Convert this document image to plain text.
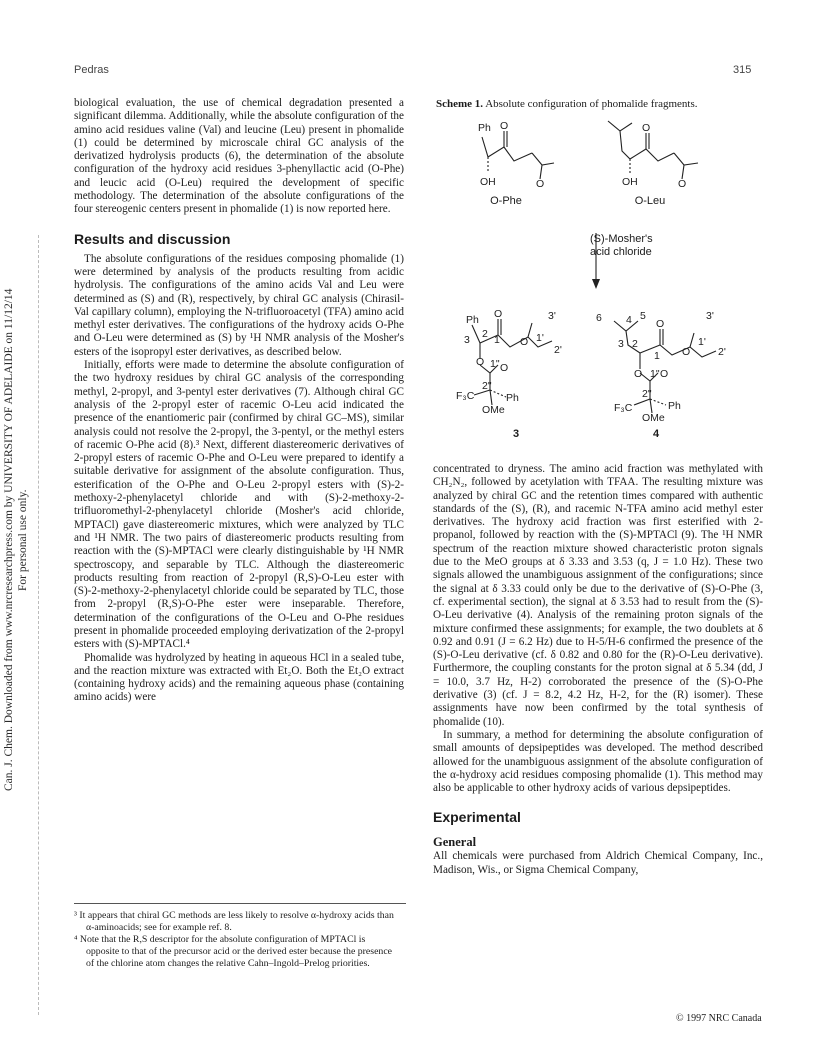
Pedras	315
Can. J. Chem. Downloaded from www.nrcresearchpress.com by UNIVERSITY OF ADELAIDE on 11/12/14 For personal use only.

biological evaluation, the use of chemical degradation presented a significant dilemma. Additionally, while the absolute configuration of the amino acid residues valine (Val) and leucine (Leu) present in phomalide (1) could be determined by microscale chiral GC analysis of the derivatized hydrolysis products (6), the determination of the absolute configuration of the hydroxy acid residues 3-phenyllactic acid (O-Phe) and leucic acid (O-Leu) required the development of specific methodology. The determination of the absolute configurations of the four stereogenic centers present in phomalide (1) is now reported here.

Results and discussion

The absolute configurations of the residues composing phomalide (1) were determined by analysis of the products resulting from acidic hydrolysis. The configurations of the amino acids Val and Leu were determined as (S) and (R), respectively, by chiral GC analysis (Chirasil-Val capillary column), employing the N-trifluoroacetyl (TFA) amino acid methyl ester derivatives. The configurations of the hydroxy acids O-Phe and O-Leu were determined as (S) by ¹H NMR analysis of the Mosher's esters of the isopropyl ester derivatives, as described below.

Initially, efforts were made to determine the absolute configuration of the two hydroxy residues by chiral GC analysis of the corresponding methyl, 2-propyl, and 3-pentyl ester derivatives (7). Although chiral GC analysis of the 2-propyl ester of racemic O-Leu acid indicated the presence of the enantiomeric pair (confirmed by chiral GC–MS), similar analysis could not resolve the 2-propyl, the 3-pentyl, or the methyl esters of racemic O-Phe acid (8).³ Next, different diastereomeric derivatives of 2-propyl esters of racemic O-Phe and O-Leu were prepared to identify a suitable derivative for assignment of the absolute configuration. Thus, esterification of the O-Phe and O-Leu 2-propyl esters with (S)-2-methoxy-2-phenylacetyl chloride and with (S)-2-methoxy-2-trifluoromethyl-2-phenylacetyl chloride (Mosher's acid chloride, MPTACl) gave diastereomeric mixtures, which were analyzed by TLC and ¹H NMR. The two pairs of diastereomeric products resulting from reaction with the (S)-MPTACl were clearly distinguishable by ¹H NMR spectroscopy, and separable by TLC. Although the diastereomeric products resulting from reaction of 2-propyl (R,S)-O-Leu ester with (S)-2-methoxy-2-phenylacetyl chloride could be separated by TLC, those from 2-propyl (R,S)-O-Phe ester were inseparable. Therefore, determination of the configurations of the O-Leu and O-Phe residues present in phomalide proceeded employing derivatization of the 2-propyl esters with (S)-MPTACl.⁴

Phomalide was hydrolyzed by heating in aqueous HCl in a sealed tube, and the reaction mixture was extracted with Et₂O. Both the Et₂O extract (containing hydroxy acids) and the remaining aqueous phase (containing amino acids) were

³ It appears that chiral GC methods are less likely to resolve α-hydroxy acids than α-aminoacids; see for example ref. 8.

⁴ Note that the R,S descriptor for the absolute configuration of MPTACl is opposite to that of the precursor acid or the derived ester because the presence of the chlorine atom changes the relative Cahn–Ingold–Prelog priorities.

Scheme 1. Absolute configuration of phomalide fragments.
Ph O
O
OH
O
O
OH
Ph O
3 1
2
3'
1'
2'
O
O 1" O
2"
F₃C	Ph
OMe
6 4 5
O
3'
1'
2'
3 2
1 O
O 1" O
2"
F₃C	Ph
OMe
O-Phe	O-Leu
(S)-Mosher's
acid chloride
3	4

concentrated to dryness. The amino acid fraction was methylated with CH₂N₂, followed by acetylation with TFAA. The resulting mixture was analyzed by chiral GC and the retention times compared with authentic standards of the (S), (R), and racemic N-TFA amino acid methyl ester derivatives. The hydroxy acid fraction was first esterified with 2-propanol, followed by reaction with the (S)-MPTACl (9). The ¹H NMR spectrum of the reaction mixture showed characteristic proton signals due to the MeO groups at δ 3.33 and 3.53 (q, J = 1.0 Hz). These two signals allowed the unambiguous assignment of the configurations; since the signal at δ 3.33 could only be due to the derivative of (S)-O-Phe (3, cf. experimental section), the signal at δ 3.53 had to result from the (S)-O-Leu derivative (4). Analysis of the remaining proton signals of the mixture confirmed these assignments; for example, the two doublets at δ 0.92 and 0.91 (J = 6.2 Hz) due to H-5/H-6 confirmed the presence of the (S)-O-Leu derivative (cf. δ 0.82 and 0.80 for the (R)-O-Leu derivative). Furthermore, the coupling constants for the proton signal at δ 5.34 (dd, J = 10.0, 3.7 Hz, H-2) corroborated the presence of the (S)-O-Phe derivative (3) (cf. J = 8.2, 4.2 Hz, H-2, for the (R) isomer). These assignments have now been confirmed by the total synthesis of phomalide (10).

In summary, a method for determining the absolute configuration of small amounts of depsipeptides was developed. The method described allowed for the unambiguous assignment of the absolute configuration of the α-hydroxy acid residues composing phomalide (1). This method may also be applicable to other hydroxy acids of various depsipeptides.

Experimental
General

All chemicals were purchased from Aldrich Chemical Company, Inc., Madison, Wis., or Sigma Chemical Company,

© 1997 NRC Canada
